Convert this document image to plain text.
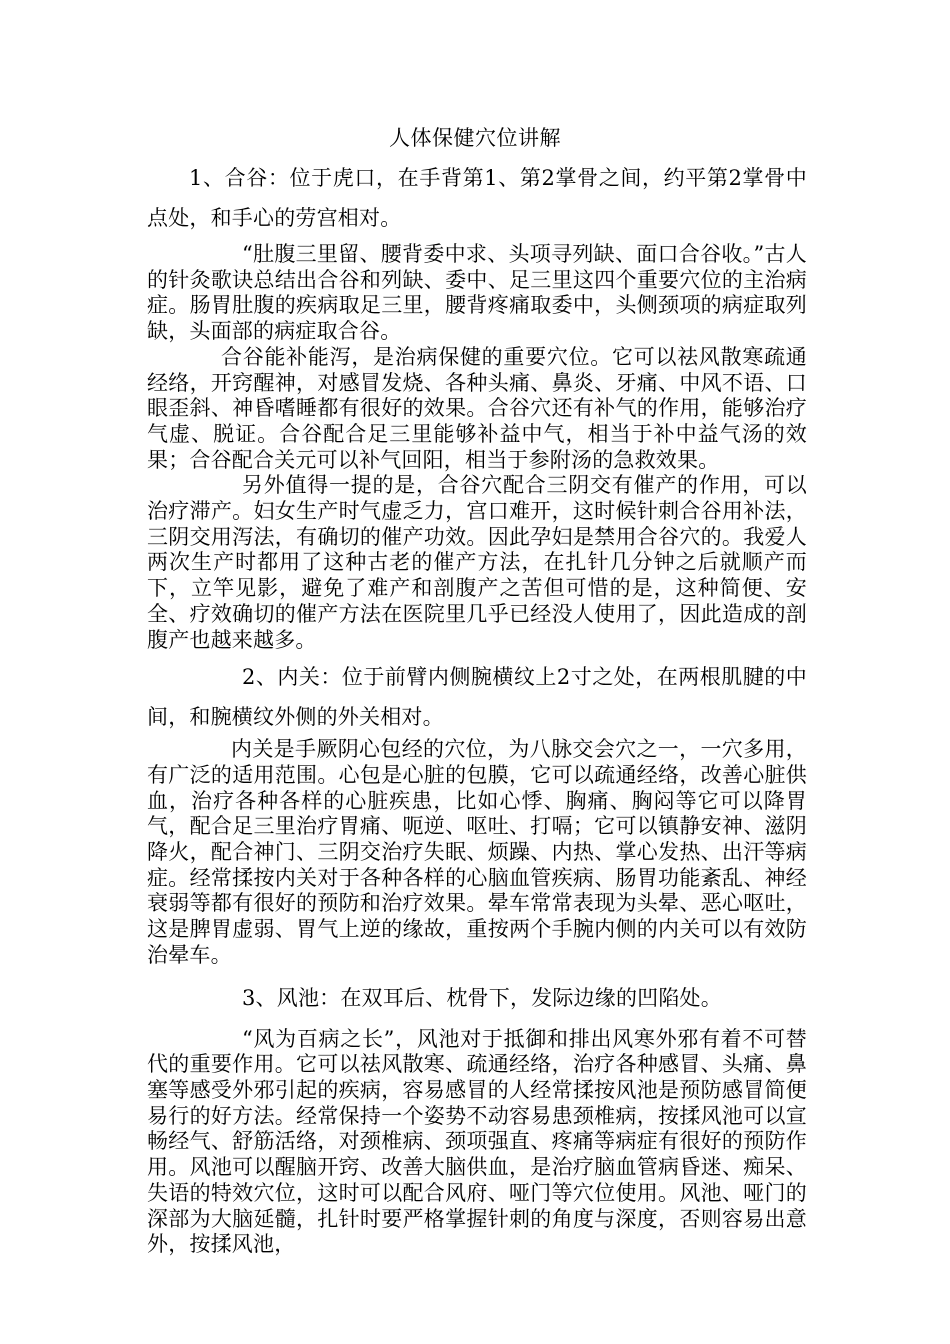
人体保健穴位讲解

1、合谷：位于虎口，在手背第1、第2掌骨之间，约平第2掌骨中点处，和手心的劳宫相对。

“肚腹三里留、腰背委中求、头项寻列缺、面口合谷收。”古人的针灸歌诀总结出合谷和列缺、委中、足三里这四个重要穴位的主治病症。肠胃肚腹的疾病取足三里，腰背疼痛取委中，头侧颈项的病症取列缺，头面部的病症取合谷。

合谷能补能泻，是治病保健的重要穴位。它可以祛风散寒疏通经络，开窍醒神，对感冒发烧、各种头痛、鼻炎、牙痛、中风不语、口眼歪斜、神昏嗜睡都有很好的效果。合谷穴还有补气的作用，能够治疗气虚、脱证。合谷配合足三里能够补益中气，相当于补中益气汤的效果；合谷配合关元可以补气回阳，相当于参附汤的急救效果。

另外值得一提的是，合谷穴配合三阴交有催产的作用，可以治疗滞产。妇女生产时气虚乏力，宫口难开，这时候针刺合谷用补法，三阴交用泻法，有确切的催产功效。因此孕妇是禁用合谷穴的。我爱人两次生产时都用了这种古老的催产方法，在扎针几分钟之后就顺产而下，立竿见影，避免了难产和剖腹产之苦但可惜的是，这种简便、安全、疗效确切的催产方法在医院里几乎已经没人使用了，因此造成的剖腹产也越来越多。

2、内关：位于前臂内侧腕横纹上2寸之处，在两根肌腱的中间，和腕横纹外侧的外关相对。

内关是手厥阴心包经的穴位，为八脉交会穴之一，一穴多用，有广泛的适用范围。心包是心脏的包膜，它可以疏通经络，改善心脏供血，治疗各种各样的心脏疾患，比如心悸、胸痛、胸闷等它可以降胃气，配合足三里治疗胃痛、呃逆、呕吐、打嗝；它可以镇静安神、滋阴降火，配合神门、三阴交治疗失眠、烦躁、内热、掌心发热、出汗等病症。经常揉按内关对于各种各样的心脑血管疾病、肠胃功能紊乱、神经衰弱等都有很好的预防和治疗效果。晕车常常表现为头晕、恶心呕吐，这是脾胃虚弱、胃气上逆的缘故，重按两个手腕内侧的内关可以有效防治晕车。

3、风池：在双耳后、枕骨下，发际边缘的凹陷处。

“风为百病之长”，风池对于抵御和排出风寒外邪有着不可替代的重要作用。它可以祛风散寒、疏通经络，治疗各种感冒、头痛、鼻塞等感受外邪引起的疾病，容易感冒的人经常揉按风池是预防感冒简便易行的好方法。经常保持一个姿势不动容易患颈椎病，按揉风池可以宣畅经气、舒筋活络，对颈椎病、颈项强直、疼痛等病症有很好的预防作用。风池可以醒脑开窍、改善大脑供血，是治疗脑血管病昏迷、痴呆、失语的特效穴位，这时可以配合风府、哑门等穴位使用。风池、哑门的深部为大脑延髓，扎针时要严格掌握针刺的角度与深度，否则容易出意外，按揉风池，
